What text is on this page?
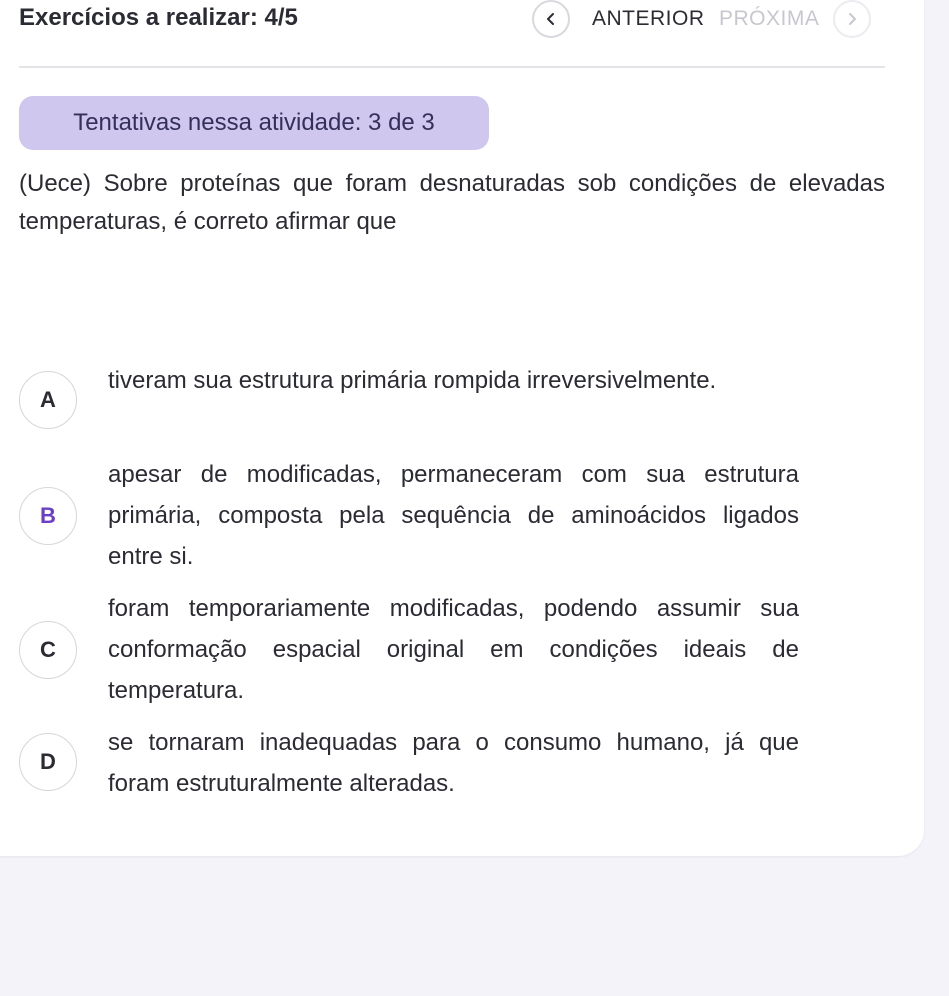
Exercícios a realizar: 4/5	ANTERIOR PRÓXIMA
Tentativas nessa atividade: 3 de 3
(Uece) Sobre proteínas que foram desnaturadas sob condições de elevadas temperaturas, é correto afirmar que
A
tiveram sua estrutura primária rompida irreversivelmente.
B
apesar de modificadas, permaneceram com sua estrutura primária, composta pela sequência de aminoácidos ligados entre si.
C
foram temporariamente modificadas, podendo assumir sua conformação espacial original em condições ideais de temperatura.
D
se tornaram inadequadas para o consumo humano, já que foram estruturalmente alteradas.
